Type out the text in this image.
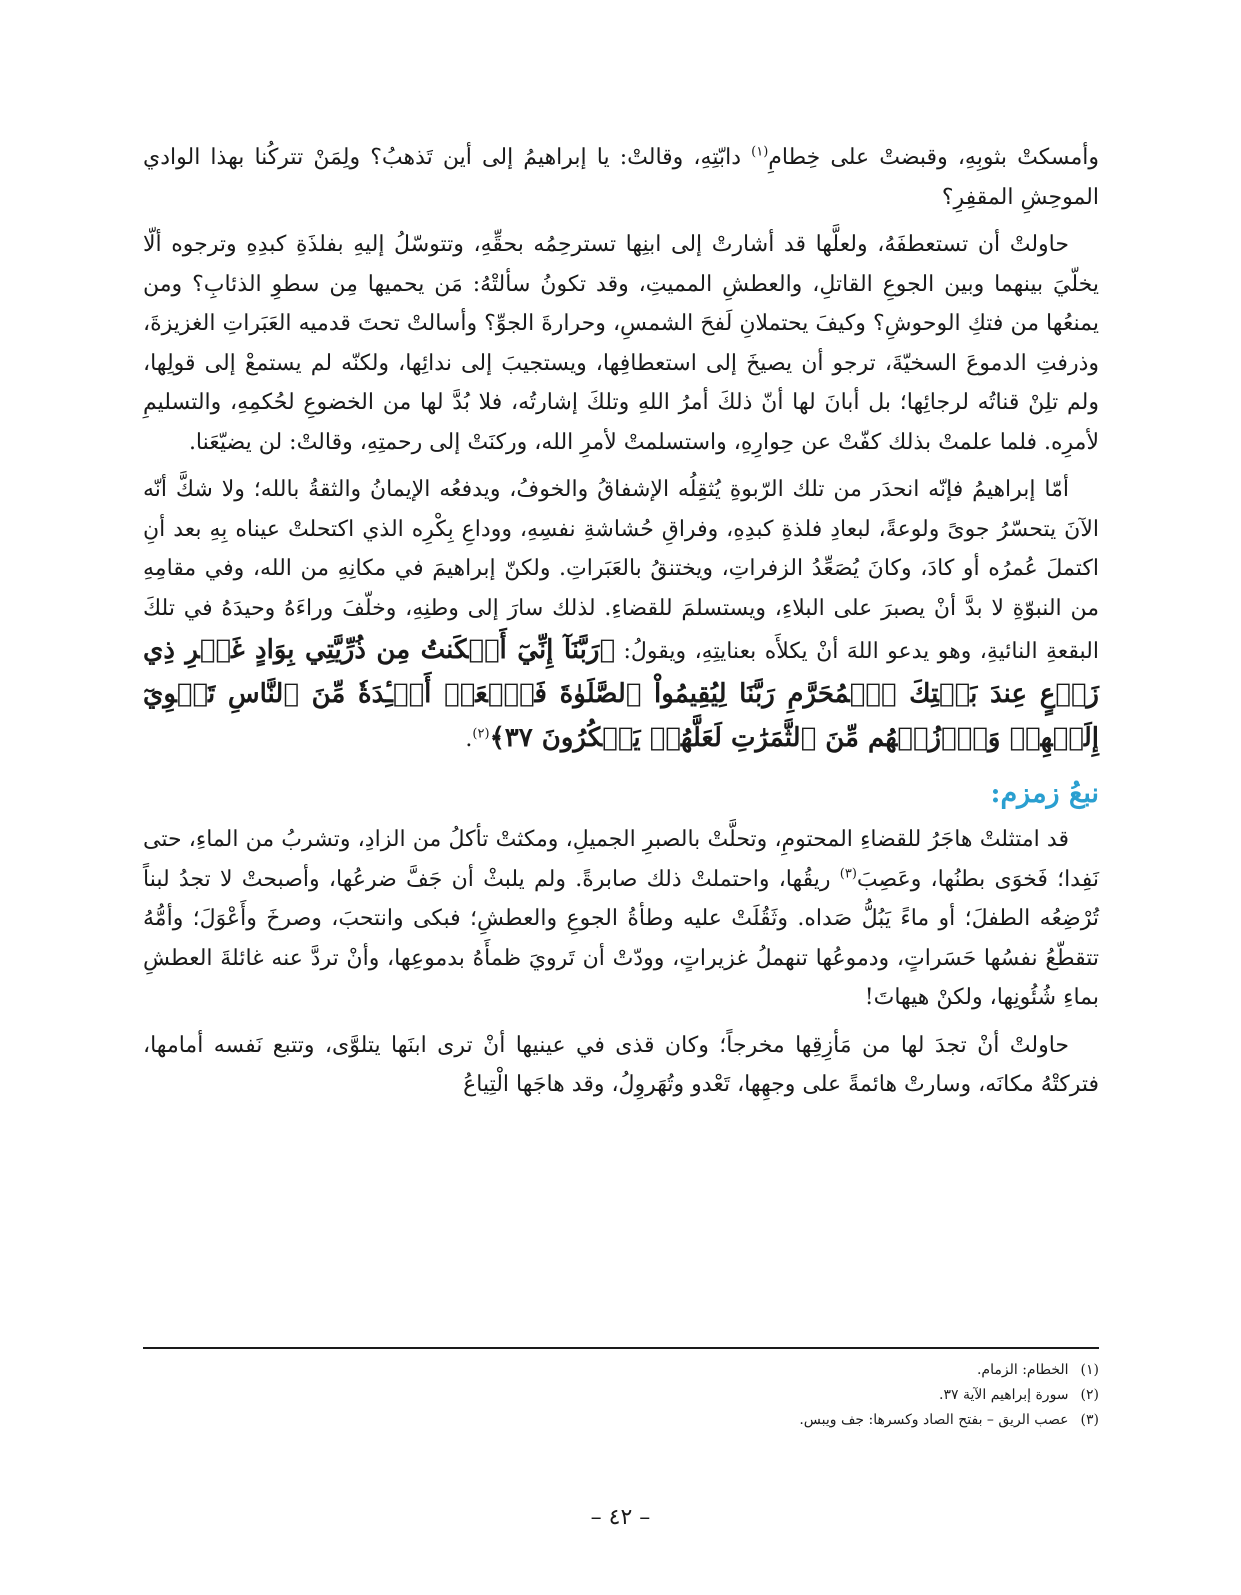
وأمسكتْ بثوبِهِ، وقبضتْ على خِطامِ$^{(١)}$ دابّتِهِ، وقالتْ: يا إبراهيمُ إلى أين تَذهبُ؟ ولِمَنْ تتركُنا بهذا الوادي الموحِشِ المقفِرِ؟

حاولتْ أن تستعطفَهُ، ولعلَّها قد أشارتْ إلى ابنِها تسترحِمُه بحقِّهِ، وتتوسّلُ إليهِ بفلذَةِ كبدِهِ وترجوه ألّا يخلّيَ بينهما وبين الجوعِ القاتلِ، والعطشِ المميتِ، وقد تكونُ سألتْهُ: مَن يحميها مِن سطوِ الذئابِ؟ ومن يمنعُها من فتكِ الوحوشِ؟ وكيفَ يحتملانِ لَفحَ الشمسِ، وحرارةَ الجوِّ؟ وأسالتْ تحتَ قدميه العَبَراتِ الغزيزةَ، وذرفتِ الدموعَ السخيّةَ، ترجو أن يصيخَ إلى استعطافِها، ويستجيبَ إلى ندائِها، ولكنّه لم يستمعْ إلى قولِها، ولم تلِنْ قناتُه لرجائِها؛ بل أبانَ لها أنّ ذلكَ أمرُ اللهِ وتلكَ إشارتُه، فلا بُدَّ لها من الخضوعِ لحُكمِهِ، والتسليمِ لأمرِه. فلما علمتْ بذلك كفّتْ عن حِوارِهِ، واستسلمتْ لأمرِ الله، وركنَتْ إلى رحمتِهِ، وقالتْ: لن يضيّعَنا.

أمّا إبراهيمُ فإنّه انحدَر من تلك الرّبوةِ يُثقِلُه الإشفاقُ والخوفُ، ويدفعُه الإيمانُ والثقةُ بالله؛ ولا شكَّ أنّه الآنَ يتحسّرُ جوىً ولوعةً، لبعادِ فلذةِ كبدِهِ، وفراقِ حُشاشةِ نفسِهِ، ووداعِ بِكْرِه الذي اكتحلتْ عيناه بِهِ بعد أنِ اكتملَ عُمرُه أو كادَ، وكانَ يُصَعِّدُ الزفراتِ، ويختنقُ بالعَبَراتِ. ولكنّ إبراهيمَ في مكانِهِ من الله، وفي مقامِهِ من النبوّةِ لا بدَّ أنْ يصبرَ على البلاءِ، ويستسلمَ للقضاءِ. لذلك سارَ إلى وطنِهِ، وخلّفَ وراءَهُ وحيدَهُ في تلكَ البقعةِ النائيةِ، وهو يدعو اللهَ أنْ يكلأَه بعنايتِهِ، ويقولُ: ﴿رَبَّنَآ إِنِّيٓ أَسۡكَنتُ مِن ذُرِّيَّتِي بِوَادٍ غَيۡرِ ذِي زَرۡعٍ عِندَ بَيۡتِكَ ٱلۡمُحَرَّمِ رَبَّنَا لِيُقِيمُواْ ٱلصَّلَوٰةَ فَٱجۡعَلۡ أَفۡـِٔدَةٗ مِّنَ ٱلنَّاسِ تَهۡوِيٓ إِلَيۡهِمۡ وَٱرۡزُقۡهُم مِّنَ ٱلثَّمَرَٰتِ لَعَلَّهُمۡ يَشۡكُرُونَ ٣٧﴾$^{(٢)}$.

نبعُ زمزم:

قد امتثلتْ هاجَرُ للقضاءِ المحتومِ، وتحلَّتْ بالصبرِ الجميلِ، ومكثتْ تأكلُ من الزادِ، وتشربُ من الماءِ، حتى نَفِدا؛ فَخوَى بطنُها، وعَصِبَ$^{(٣)}$ ريقُها، واحتملتْ ذلك صابرةً. ولم يلبثْ أن جَفَّ ضرعُها، وأصبحتْ لا تجدُ لبناً تُرْضِعُه الطفلَ؛ أو ماءً يَبُلُّ صَداه. وثَقُلَتْ عليه وطأةُ الجوعِ والعطشِ؛ فبكى وانتحبَ، وصرخَ وأَعْوَلَ؛ وأمُّهُ تتقطّعُ نفسُها حَسَراتٍ، ودموعُها تنهملُ غزيراتٍ، وودّتْ أن تَرويَ ظمأَهُ بدموعِها، وأنْ تردَّ عنه غائلةَ العطشِ بماءِ شُئُونِها، ولكنْ هيهاتَ!

حاولتْ أنْ تجدَ لها من مَأزِقِها مخرجاً؛ وكان قذى في عينيها أنْ ترى ابنَها يتلوَّى، وتتبع نَفسه أمامها، فتركتْهُ مكانَه، وسارتْ هائمةً على وجهِها، تَعْدو وتُهَروِلُ، وقد هاجَها الْتِياعُ

(١)الخطام: الزمام.

(٢)سورة إبراهيم الآية ٣٧.

(٣)عصب الريق – بفتح الصاد وكسرها: جف ويبس.

– ٤٢ –
